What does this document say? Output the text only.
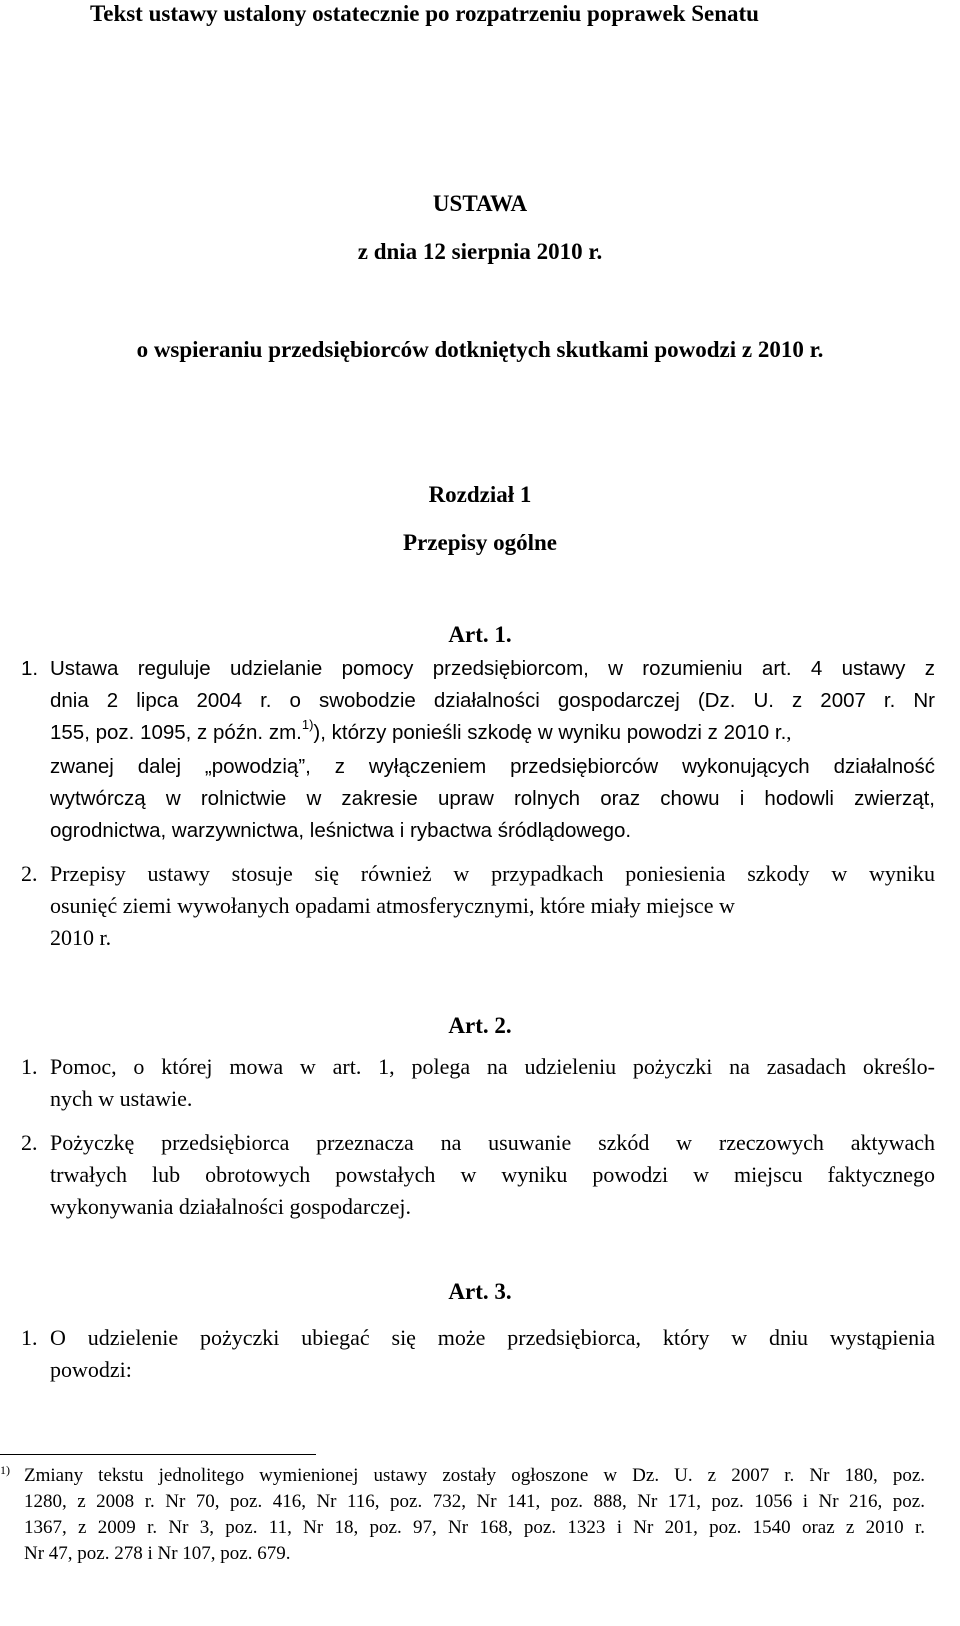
Tekst ustawy ustalony ostatecznie po rozpatrzeniu poprawek Senatu
USTAWA
z dnia 12 sierpnia 2010 r.
o wspieraniu przedsiębiorców dotkniętych skutkami powodzi z 2010 r.
Rozdział 1
Przepisy ogólne
Art. 1.
1. Ustawa reguluje udzielanie pomocy przedsiębiorcom, w rozumieniu art. 4 ustawy z
dnia 2 lipca 2004 r. o swobodzie działalności gospodarczej (Dz. U. z 2007 r. Nr
155, poz. 1095, z późn. zm.$^{1)}$), którzy ponieśli szkodę w wyniku powodzi z 2010 r.,
zwanej dalej „powodzią”, z wyłączeniem przedsiębiorców wykonujących działalność
wytwórczą w rolnictwie w zakresie upraw rolnych oraz chowu i hodowli zwierząt,
ogrodnictwa, warzywnictwa, leśnictwa i rybactwa śródlądowego.
2. Przepisy ustawy stosuje się również w przypadkach poniesienia szkody w wyniku
osunięć ziemi wywołanych opadami atmosferycznymi, które miały miejsce w
2010 r.
Art. 2.
1. Pomoc, o której mowa w art. 1, polega na udzieleniu pożyczki na zasadach określo-
nych w ustawie.
2. Pożyczkę przedsiębiorca przeznacza na usuwanie szkód w rzeczowych aktywach
trwałych lub obrotowych powstałych w wyniku powodzi w miejscu faktycznego
wykonywania działalności gospodarczej.
Art. 3.
1. O udzielenie pożyczki ubiegać się może przedsiębiorca, który w dniu wystąpienia
powodzi:
1) Zmiany tekstu jednolitego wymienionej ustawy zostały ogłoszone w Dz. U. z 2007 r. Nr 180, poz.
1280, z 2008 r. Nr 70, poz. 416, Nr 116, poz. 732, Nr 141, poz. 888, Nr 171, poz. 1056 i Nr 216, poz.
1367, z 2009 r. Nr 3, poz. 11, Nr 18, poz. 97, Nr 168, poz. 1323 i Nr 201, poz. 1540 oraz z 2010 r.
Nr 47, poz. 278 i Nr 107, poz. 679.
